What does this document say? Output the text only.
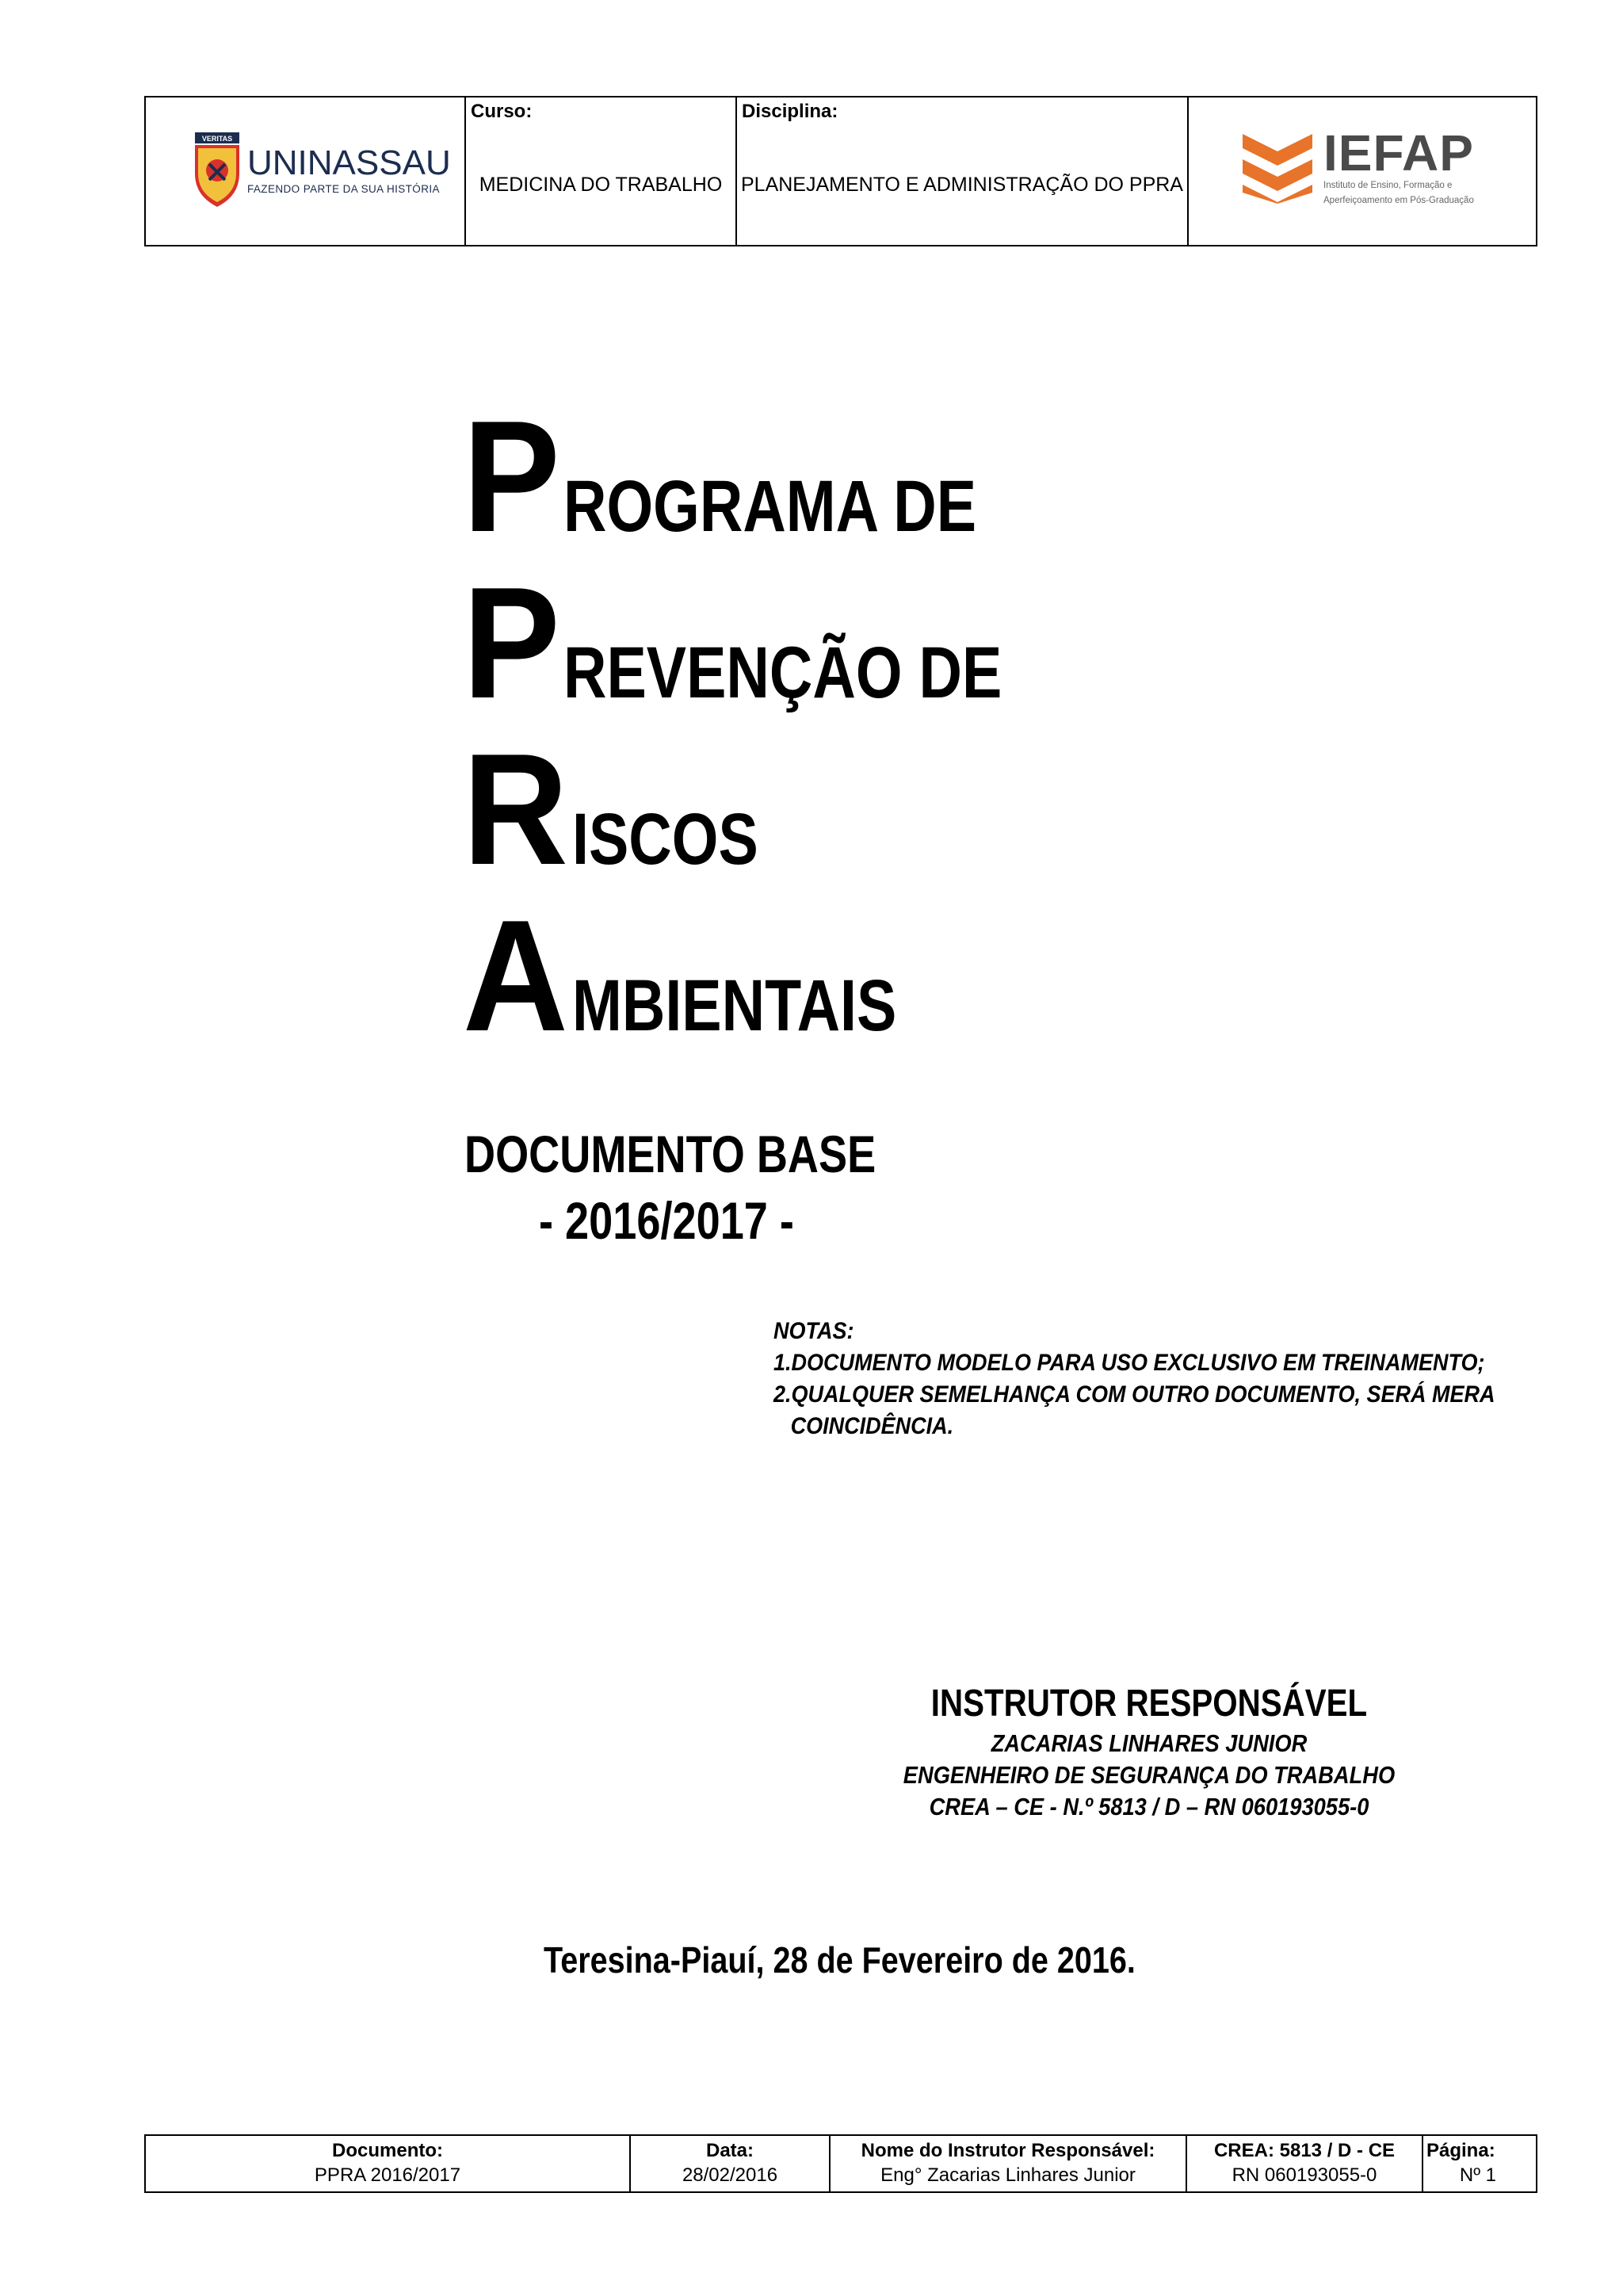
VERITAS
UNINASSAU
FAZENDO PARTE DA SUA HISTÓRIA
Curso:
MEDICINA DO TRABALHO
Disciplina:
PLANEJAMENTO E ADMINISTRAÇÃO DO PPRA
IEFAP
Instituto de Ensino, Formação e
Aperfeiçoamento em Pós-Graduação
PROGRAMA DE
PREVENÇÃO DE
RISCOS
AMBIENTAIS
DOCUMENTO BASE
- 2016/2017 -
NOTAS:
1.DOCUMENTO MODELO PARA USO EXCLUSIVO EM TREINAMENTO;
2.QUALQUER SEMELHANÇA COM OUTRO DOCUMENTO, SERÁ MERA
COINCIDÊNCIA.
INSTRUTOR RESPONSÁVEL
ZACARIAS LINHARES JUNIOR
ENGENHEIRO DE SEGURANÇA DO TRABALHO
CREA – CE - N.º 5813 / D – RN 060193055-0
Teresina-Piauí, 28 de Fevereiro de 2016.
Documento:
PPRA 2016/2017
Data:
28/02/2016
Nome do Instrutor Responsável:
Eng° Zacarias Linhares Junior
CREA: 5813 / D - CE
RN 060193055-0
Página:
Nº 1
